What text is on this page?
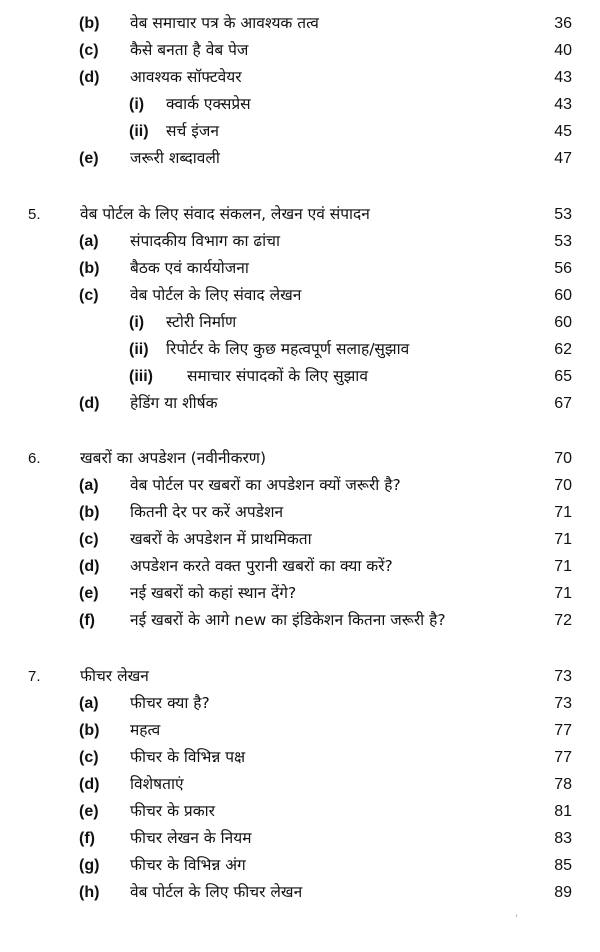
(b) वेब समाचार पत्र के आवश्यक तत्व	36
(c) कैसे बनता है वेब पेज	40
(d) आवश्यक सॉफ्टवेयर	43
(i) क्वार्क एक्सप्रेस	43
(ii) सर्च इंजन	45
(e) जरूरी शब्दावली	47
5.	वेब पोर्टल के लिए संवाद संकलन, लेखन एवं संपादन	53
(a) संपादकीय विभाग का ढांचा	53
(b) बैठक एवं कार्ययोजना	56
(c) वेब पोर्टल के लिए संवाद लेखन	60
(i) स्टोरी निर्माण	60
(ii) रिपोर्टर के लिए कुछ महत्वपूर्ण सलाह/सुझाव	62
(iii) समाचार संपादकों के लिए सुझाव	65
(d) हेडिंग या शीर्षक	67
6.	खबरों का अपडेशन (नवीनीकरण)	70
(a) वेब पोर्टल पर खबरों का अपडेशन क्यों जरूरी है?	70
(b) कितनी देर पर करें अपडेशन	71
(c) खबरों के अपडेशन में प्राथमिकता	71
(d) अपडेशन करते वक्त पुरानी खबरों का क्या करें?	71
(e) नई खबरों को कहां स्थान देंगे?	71
(f) नई खबरों के आगे new का इंडिकेशन कितना जरूरी है?	72
7.	फीचर लेखन	73
(a) फीचर क्या है?	73
(b) महत्व	77
(c) फीचर के विभिन्न पक्ष	77
(d) विशेषताएं	78
(e) फीचर के प्रकार	81
(f) फीचर लेखन के नियम	83
(g) फीचर के विभिन्न अंग	85
(h) वेब पोर्टल के लिए फीचर लेखन	89
